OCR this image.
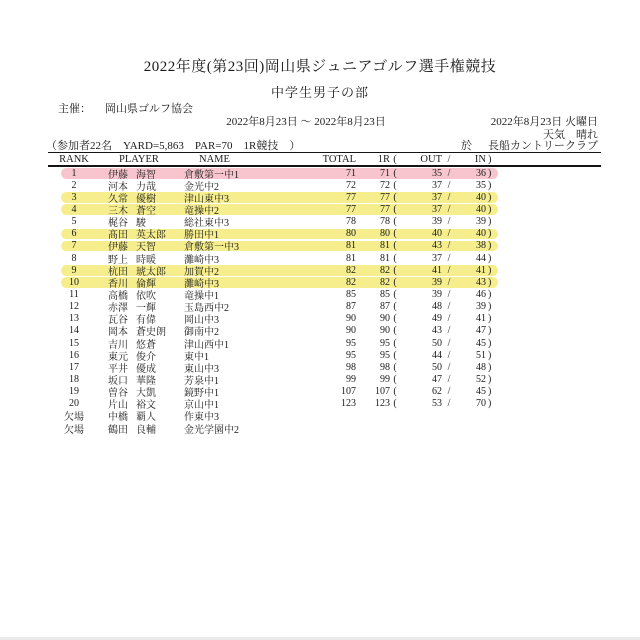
2022年度(第23回)岡山県ジュニアゴルフ選手権競技
中学生男子の部
主催： 岡山県ゴルフ協会
2022年8月23日 ～ 2022年8月23日	2022年8月23日 火曜日
天気　晴れ
（参加者22名　YARD=5,863　PAR=70　1R競技　）	於 長船カントリークラブ
RANK	PLAYER	NAME	TOTAL	1R (	OUT /	IN )
1	伊藤 海智	倉敷第一中1	71	71 (	35 /	36 )
2	河本 力哉	金光中2	72	72 (	37 /	35 )
3	久常 優樹	津山東中3	77	77 (	37 /	40 )
4	三木 蒼空	竜操中2	77	77 (	37 /	40 )
5	梶谷 駿	総社東中3	78	78 (	39 /	39 )
6	髙田 英太郎	勝田中1	80	80 (	40 /	40 )
7	伊藤 天智	倉敷第一中3	81	81 (	43 /	38 )
8	野上 時暖	灘崎中3	81	81 (	37 /	44 )
9	杭田 琥太郎	加賀中2	82	82 (	41 /	41 )
10	香川 倫輝	灘崎中3	82	82 (	39 /	43 )
11	高橋 依吹	竜操中1	85	85 (	39 /	46 )
12	赤澤 一輝	玉島西中2	87	87 (	48 /	39 )
13	瓦谷 有偉	岡山中3	90	90 (	49 /	41 )
14	岡本 蒼史朗	御南中2	90	90 (	43 /	47 )
15	吉川 悠蒼	津山西中1	95	95 (	50 /	45 )
16	東元 俊介	東中1	95	95 (	44 /	51 )
17	平井 優成	東山中3	98	98 (	50 /	48 )
18	坂口 華隆	芳泉中1	99	99 (	47 /	52 )
19	曽谷 大凱	鏡野中1	107	107 (	62 /	45 )
20	片山 裕文	京山中1	123	123 (	53 /	70 )
欠場	中橋 覇人	作東中3
欠場	鶴田 良輔	金光学園中2
